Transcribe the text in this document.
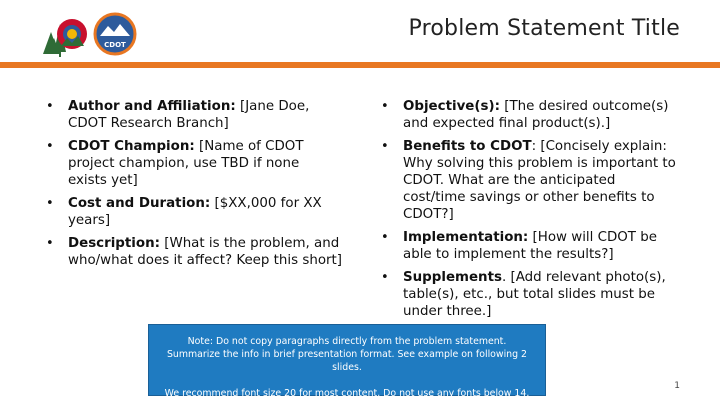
CDOT
Problem Statement Title
• Author and Affiliation: [Jane Doe, CDOT Research Branch]
• CDOT Champion: [Name of CDOT project champion, use TBD if none exists yet]
• Cost and Duration: [$XX,000 for XX years]
• Description: [What is the problem, and who/what does it affect? Keep this short]
• Objective(s): [The desired outcome(s) and expected final product(s).]
• Benefits to CDOT: [Concisely explain: Why solving this problem is important to CDOT. What are the anticipated cost/time savings or other benefits to CDOT?]
• Implementation: [How will CDOT be able to implement the results?]
• Supplements. [Add relevant photo(s), table(s), etc., but total slides must be under three.]

Note: Do not copy paragraphs directly from the problem statement. Summarize the info in brief presentation format. See example on following 2 slides.

We recommend font size 20 for most content. Do not use any fonts below 14.

1
